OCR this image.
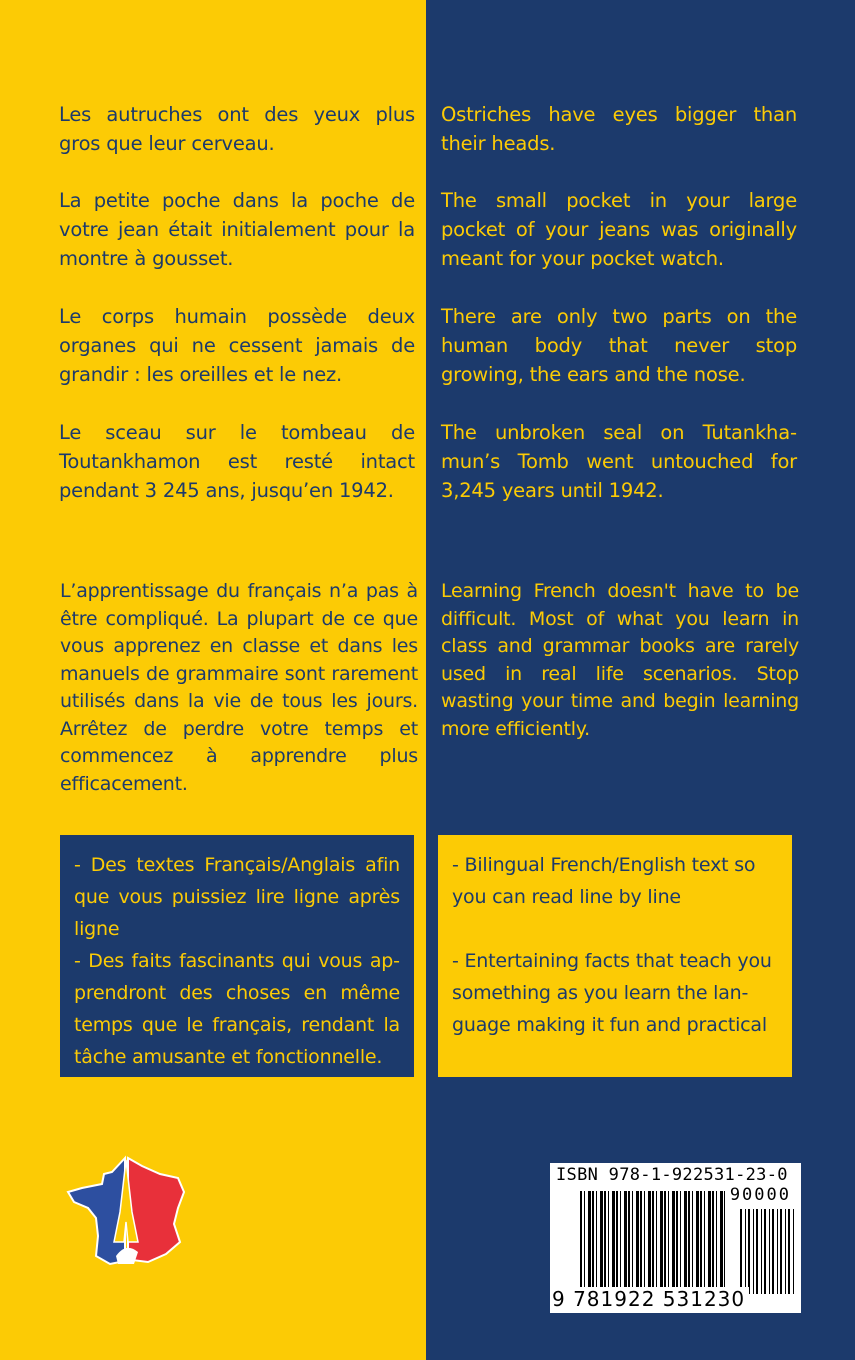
Les autruches ont des yeux plus gros que leur cerveau.

La petite poche dans la poche de votre jean était initialement pour la montre à gousset.

Le corps humain possède deux organes qui ne cessent jamais de grandir : les oreilles et le nez.

Le sceau sur le tombeau de Toutankhamon est resté intact pendant 3 245 ans, jusqu’en 1942.

Ostriches have eyes bigger than their heads.

The small pocket in your large pocket of your jeans was originally meant for your pocket watch.

There are only two parts on the human body that never stop growing, the ears and the nose.

The unbroken seal on Tutankhamun’s Tomb went untouched for 3,245 years until 1942.

L’apprentissage du français n’a pas à être compliqué. La plupart de ce que vous apprenez en classe et dans les manuels de grammaire sont rarement utilisés dans la vie de tous les jours. Arrêtez de perdre votre temps et commencez à apprendre plus efficacement.

Learning French doesn't have to be difficult. Most of what you learn in class and grammar books are rarely used in real life scenarios. Stop wasting your time and begin learning more efficiently.

- Des textes Français/Anglais afin que vous puissiez lire ligne après ligne

- Des faits fascinants qui vous apprendront des choses en même temps que le français, rendant la tâche amusante et fonctionnelle.

- Bilingual French/English text so you can read line by line

- Entertaining facts that teach you something as you learn the language making it fun and practical

ISBN 978-1-922531-23-0
90000
9 781922 531230
